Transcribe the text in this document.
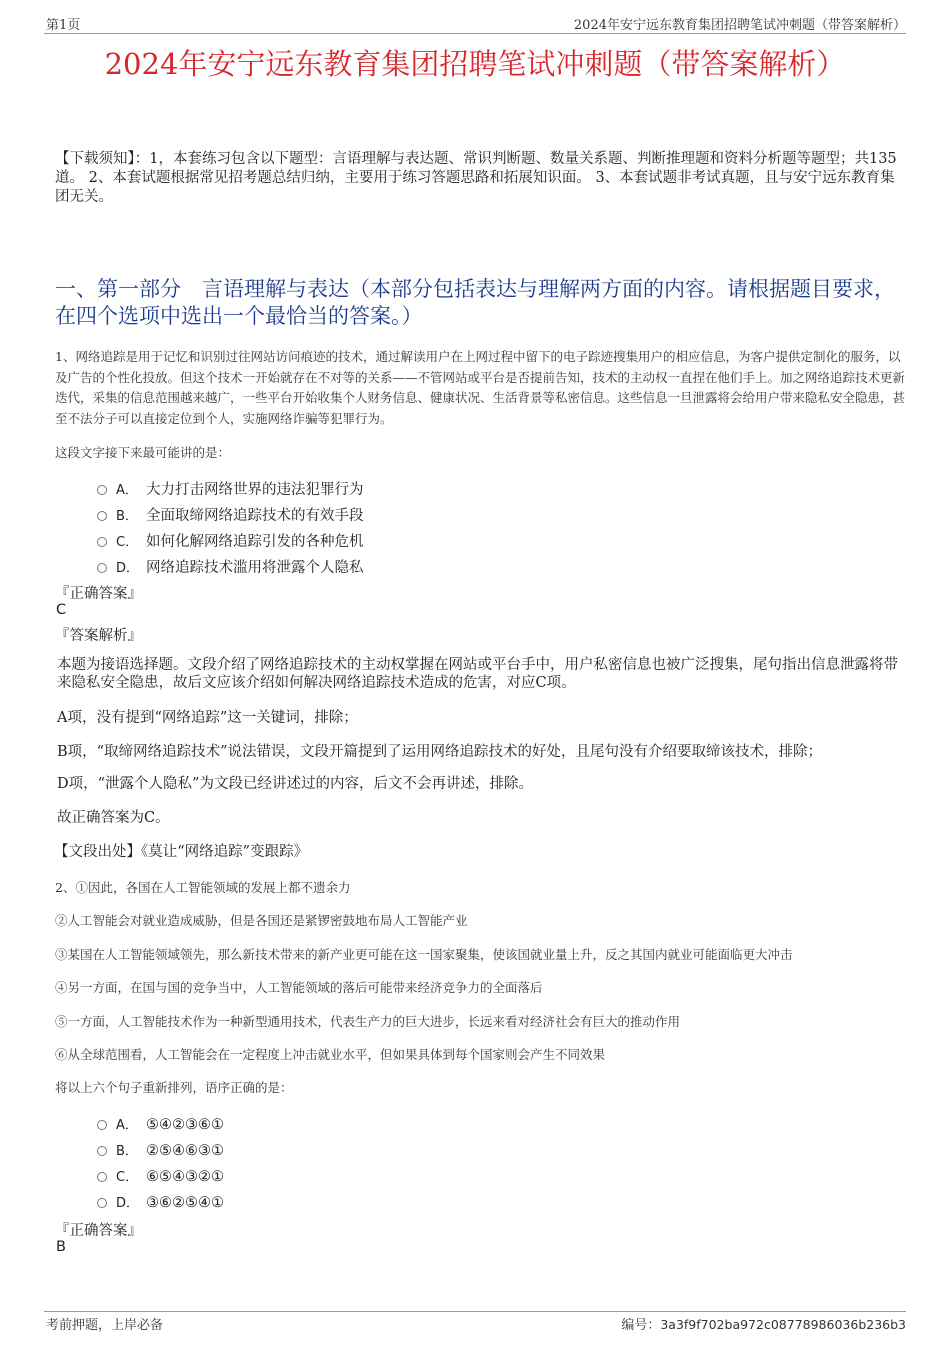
第1页	2024年安宁远东教育集团招聘笔试冲刺题（带答案解析）
2024年安宁远东教育集团招聘笔试冲刺题（带答案解析）
【下载须知】：1，本套练习包含以下题型：言语理解与表达题、常识判断题、数量关系题、判断推理题和资料分析题等题型；共135道。 2、本套试题根据常见招考题总结归纳，主要用于练习答题思路和拓展知识面。 3、本套试题非考试真题，且与安宁远东教育集团无关。
一、第一部分　言语理解与表达（本部分包括表达与理解两方面的内容。请根据题目要求，在四个选项中选出一个最恰当的答案。）
1、网络追踪是用于记忆和识别过往网站访问痕迹的技术，通过解读用户在上网过程中留下的电子踪迹搜集用户的相应信息，为客户提供定制化的服务，以及广告的个性化投放。但这个技术一开始就存在不对等的关系——不管网站或平台是否提前告知，技术的主动权一直捏在他们手上。加之网络追踪技术更新迭代，采集的信息范围越来越广，一些平台开始收集个人财务信息、健康状况、生活背景等私密信息。这些信息一旦泄露将会给用户带来隐私安全隐患，甚至不法分子可以直接定位到个人，实施网络诈骗等犯罪行为。
这段文字接下来最可能讲的是：
A． 大力打击网络世界的违法犯罪行为
B． 全面取缔网络追踪技术的有效手段
C． 如何化解网络追踪引发的各种危机
D． 网络追踪技术滥用将泄露个人隐私
『正确答案』
C
『答案解析』
本题为接语选择题。文段介绍了网络追踪技术的主动权掌握在网站或平台手中，用户私密信息也被广泛搜集，尾句指出信息泄露将带来隐私安全隐患，故后文应该介绍如何解决网络追踪技术造成的危害，对应C项。
A项，没有提到“网络追踪”这一关键词，排除；
B项，“取缔网络追踪技术”说法错误，文段开篇提到了运用网络追踪技术的好处，且尾句没有介绍要取缔该技术，排除；
D项，“泄露个人隐私”为文段已经讲述过的内容，后文不会再讲述，排除。
故正确答案为C。
【文段出处】《莫让“网络追踪”变跟踪》
2、①因此，各国在人工智能领域的发展上都不遗余力
②人工智能会对就业造成威胁，但是各国还是紧锣密鼓地布局人工智能产业
③某国在人工智能领域领先，那么新技术带来的新产业更可能在这一国家聚集，使该国就业量上升，反之其国内就业可能面临更大冲击
④另一方面，在国与国的竞争当中，人工智能领域的落后可能带来经济竞争力的全面落后
⑤一方面，人工智能技术作为一种新型通用技术，代表生产力的巨大进步，长远来看对经济社会有巨大的推动作用
⑥从全球范围看，人工智能会在一定程度上冲击就业水平，但如果具体到每个国家则会产生不同效果
将以上六个句子重新排列，语序正确的是：
A． ⑤④②③⑥①
B． ②⑤④⑥③①
C． ⑥⑤④③②①
D． ③⑥②⑤④①
『正确答案』
B
考前押题，上岸必备	编号：3a3f9f702ba972c08778986036b236b3
